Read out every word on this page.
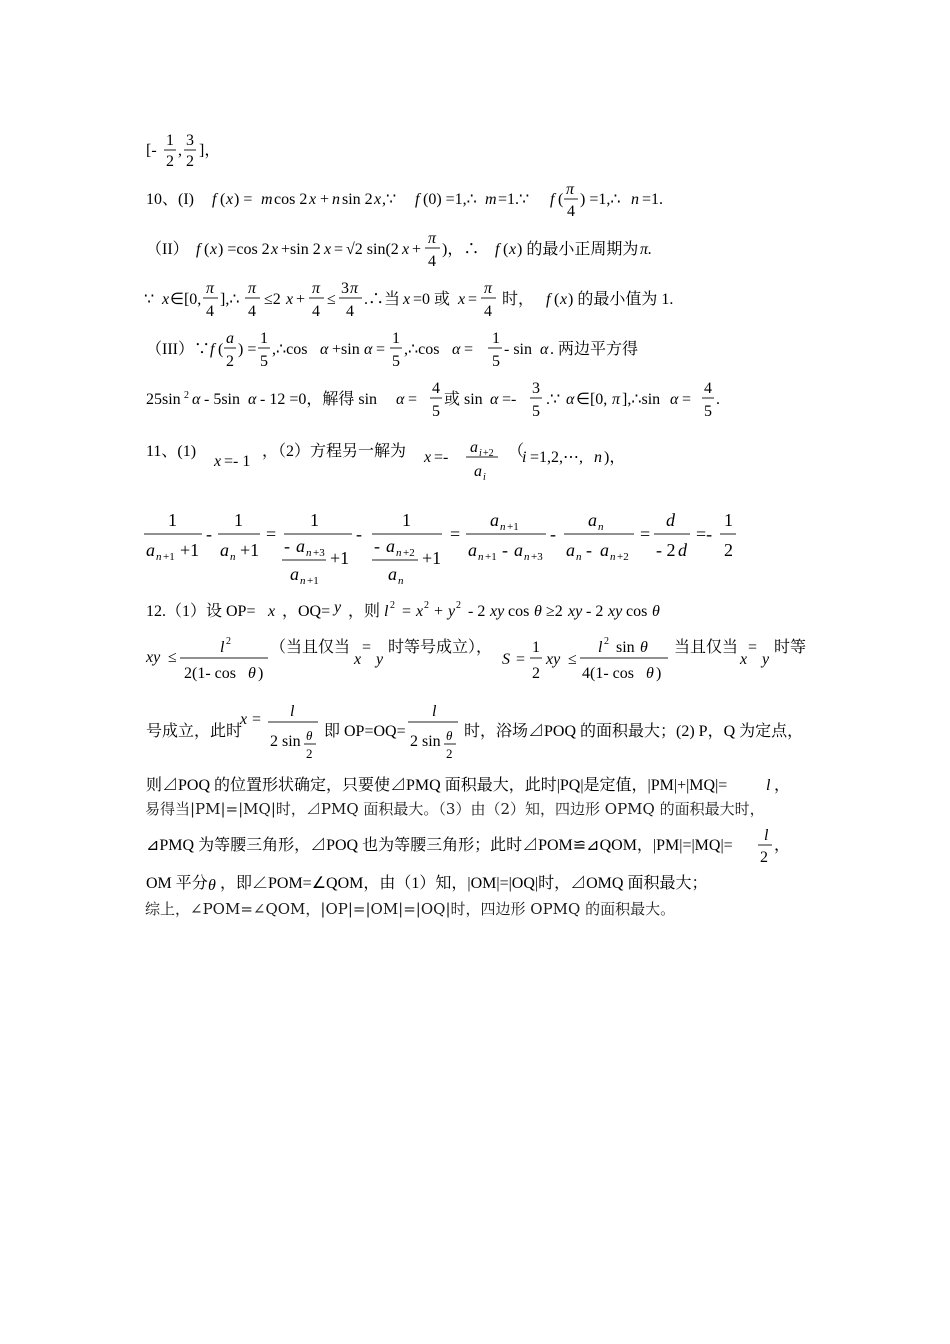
[-
1
2
,
3
2
]，
10、(I) f ( x ) = m cos 2 x + n sin 2 x ,∵ f (0) =1,∴ m =1.∵ f (
π
4
) =1,∴ n =1.
（II） f ( x ) =cos 2 x +sin 2 x = √2 sin(2 x +
π
4
)，∴ f ( x ) 的最小正周期为 π.
∵ x ∈[0,
π
4
],∴
π
4
≤2 x +
π
4
≤
3 π
4
.∴当 x =0 或 x =
π
4
时， f ( x ) 的最小值为 1.
（III）∵ f (
a
2
) =
1
5
,∴cos α +sin α =
1
5
,∴cos α =
1
5
- sin α . 两边平方得
25sin 2 α - 5sin α - 12 =0，解得 sin α =
4
5
或 sin α =-
3
5
.∵ α ∈[0, π ],∴sin α =
4
5
.
11、(1)
x =- 1
，（2）方程另一解为 x =-
a i +2
a i
（
i =1,2,⋯, n )，
1
a n +1 +1
-
1
a n +1
=
1
- a n +3
a n +1
+1
-
1
- a n +2
a n
+1
=
a n +1
a n +1 - a n +3
-
a n
a n - a n +2
=
d
- 2 d
=-
1
2
12.（1）设 OP= x ，OQ= y ，则 l 2 = x 2 + y 2 - 2 xy cos θ ≥2 xy - 2 xy cos θ
xy ≤
l 2
2(1- cos θ )
（当且仅当
x
=
y
时等号成立），
S =
1
2
xy ≤
l 2 sin θ
4(1- cos θ )
当且仅当
x
=
y
时等
号成立，此时
x = l
2 sin θ
2
即 OP=OQ=
l
2 sin θ
2
时，浴场⊿POQ 的面积最大；(2) P，Q 为定点，
则⊿POQ 的位置形状确定，只要使⊿PMQ 面积最大，此时|PQ|是定值，|PM|+|MQ|= l ，
易得当|PM|=|MQ|时，⊿PMQ 面积最大。（3）由（2）知，四边形 OPMQ 的面积最大时，
⊿PMQ 为等腰三角形，⊿POQ 也为等腰三角形；此时⊿POM≌⊿QOM，|PM|=|MQ|=
l
2
，
OM 平分 θ ，即∠POM=∠QOM，由（1）知，|OM|=|OQ|时，⊿OMQ 面积最大；
综上，∠POM=∠QOM，|OP|=|OM|=|OQ|时，四边形 OPMQ 的面积最大。
